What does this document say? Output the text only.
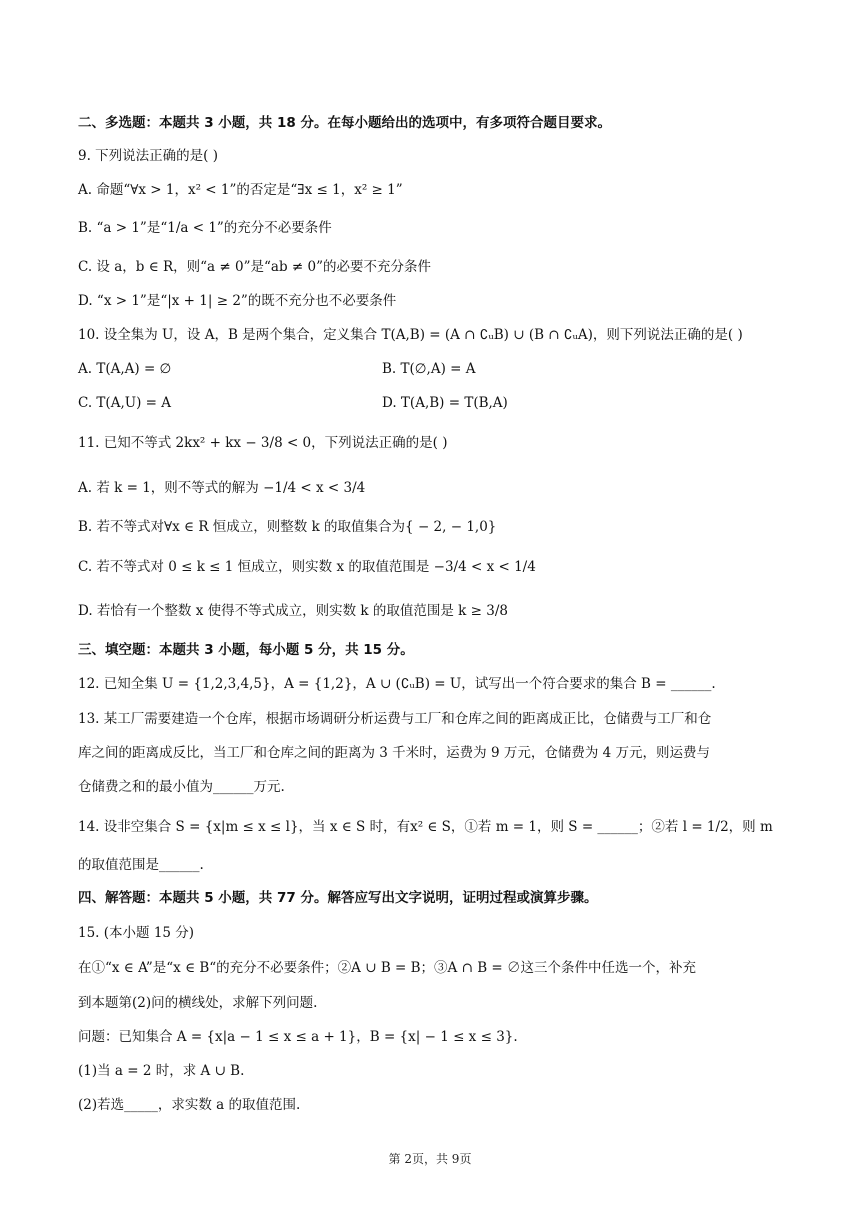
二、多选题：本题共 3 小题，共 18 分。在每小题给出的选项中，有多项符合题目要求。
9. 下列说法正确的是( )
A. 命题“∀x > 1，x² < 1”的否定是“∃x ≤ 1，x² ≥ 1”
B. “a > 1”是“1/a < 1”的充分不必要条件
C. 设 a，b ∈ R，则“a ≠ 0”是“ab ≠ 0”的必要不充分条件
D. “x > 1”是“|x + 1| ≥ 2”的既不充分也不必要条件
10. 设全集为 U，设 A，B 是两个集合，定义集合 T(A,B) = (A ∩ ∁ᵤB) ∪ (B ∩ ∁ᵤA)，则下列说法正确的是( )
A. T(A,A) = ∅	B. T(∅,A) = A
C. T(A,U) = A	D. T(A,B) = T(B,A)
11. 已知不等式 2kx² + kx − 3/8 < 0，下列说法正确的是( )
A. 若 k = 1，则不等式的解为 −1/4 < x < 3/4
B. 若不等式对∀x ∈ R 恒成立，则整数 k 的取值集合为{ − 2, − 1,0}
C. 若不等式对 0 ≤ k ≤ 1 恒成立，则实数 x 的取值范围是 −3/4 < x < 1/4
D. 若恰有一个整数 x 使得不等式成立，则实数 k 的取值范围是 k ≥ 3/8
三、填空题：本题共 3 小题，每小题 5 分，共 15 分。
12. 已知全集 U = {1,2,3,4,5}，A = {1,2}，A ∪ (∁ᵤB) = U，试写出一个符合要求的集合 B = ______.
13. 某工厂需要建造一个仓库，根据市场调研分析运费与工厂和仓库之间的距离成正比，仓储费与工厂和仓
库之间的距离成反比，当工厂和仓库之间的距离为 3 千米时，运费为 9 万元，仓储费为 4 万元，则运费与
仓储费之和的最小值为______万元.
14. 设非空集合 S = {x|m ≤ x ≤ l}，当 x ∈ S 时，有x² ∈ S，①若 m = 1，则 S = ______；②若 l = 1/2，则 m
的取值范围是______.
四、解答题：本题共 5 小题，共 77 分。解答应写出文字说明，证明过程或演算步骤。
15. (本小题 15 分)
在①“x ∈ A”是“x ∈ B“的充分不必要条件；②A ∪ B = B；③A ∩ B = ∅这三个条件中任选一个，补充
到本题第(2)问的横线处，求解下列问题.
问题：已知集合 A = {x|a − 1 ≤ x ≤ a + 1}，B = {x| − 1 ≤ x ≤ 3}.
(1)当 a = 2 时，求 A ∪ B.
(2)若选_____，求实数 a 的取值范围.
第 2页，共 9页
